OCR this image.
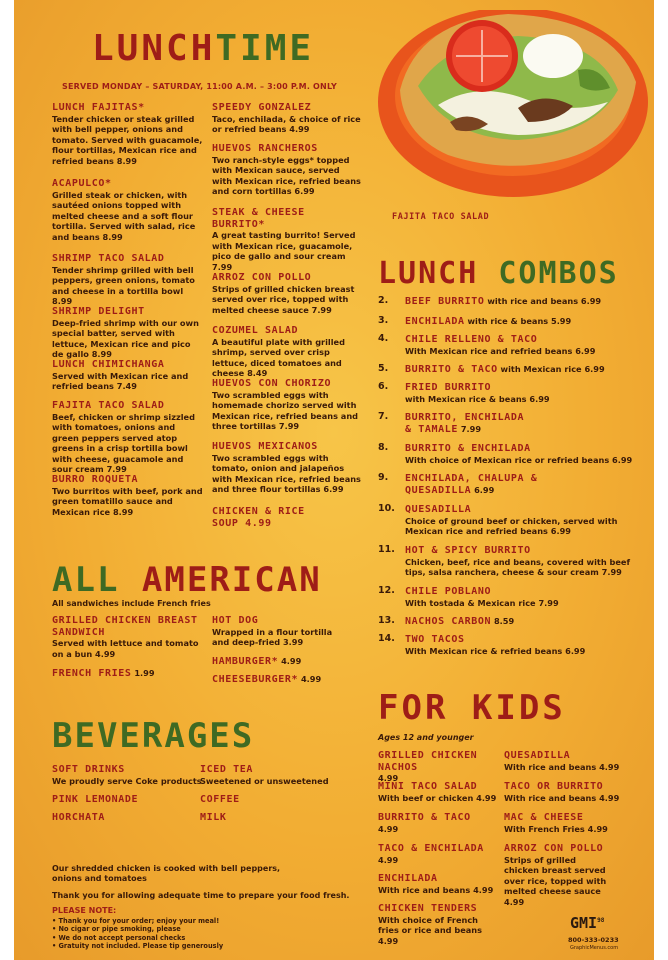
LUNCHTIME
SERVED MONDAY – SATURDAY, 11:00 A.M. – 3:00 P.M. ONLY
LUNCH FAJITAS*
Tender chicken or steak grilled with bell pepper, onions and tomato. Served with guacamole, flour tortillas, Mexican rice and refried beans 8.99
ACAPULCO*
Grilled steak or chicken, with sautéed onions topped with melted cheese and a soft flour tortilla. Served with salad, rice and beans 8.99
SHRIMP TACO SALAD
Tender shrimp grilled with bell peppers, green onions, tomato and cheese in a tortilla bowl 8.99
SHRIMP DELIGHT
Deep-fried shrimp with our own special batter, served with lettuce, Mexican rice and pico de gallo 8.99
LUNCH CHIMICHANGA
Served with Mexican rice and refried beans 7.49
FAJITA TACO SALAD
Beef, chicken or shrimp sizzled with tomatoes, onions and green peppers served atop greens in a crisp tortilla bowl with cheese, guacamole and sour cream 7.99
BURRO ROQUETA
Two burritos with beef, pork and green tomatillo sauce and Mexican rice 8.99
SPEEDY GONZALEZ
Taco, enchilada, & choice of rice or refried beans 4.99
HUEVOS RANCHEROS
Two ranch-style eggs* topped with Mexican sauce, served with Mexican rice, refried beans and corn tortillas 6.99
STEAK & CHEESE BURRITO*
A great tasting burrito! Served with Mexican rice, guacamole, pico de gallo and sour cream 7.99
ARROZ CON POLLO
Strips of grilled chicken breast served over rice, topped with melted cheese sauce 7.99
COZUMEL SALAD
A beautiful plate with grilled shrimp, served over crisp lettuce, diced tomatoes and cheese 8.49
HUEVOS CON CHORIZO
Two scrambled eggs with homemade chorizo served with Mexican rice, refried beans and three tortillas 7.99
HUEVOS MEXICANOS
Two scrambled eggs with tomato, onion and jalapeños with Mexican rice, refried beans and three flour tortillas 6.99
CHICKEN & RICE SOUP 4.99
FAJITA TACO SALAD
LUNCH COMBOS
2. BEEF BURRITO with rice and beans 6.99
3. ENCHILADA with rice & beans 5.99
4. CHILE RELLENO & TACO
With Mexican rice and refried beans 6.99
5. BURRITO & TACO with Mexican rice 6.99
6. FRIED BURRITO
with Mexican rice & beans 6.99
7. BURRITO, ENCHILADA & TAMALE 7.99
8. BURRITO & ENCHILADA
With choice of Mexican rice or refried beans 6.99
9. ENCHILADA, CHALUPA & QUESADILLA 6.99
10. QUESADILLA
Choice of ground beef or chicken, served with Mexican rice and refried beans 6.99
11. HOT & SPICY BURRITO
Chicken, beef, rice and beans, covered with beef tips, salsa ranchera, cheese & sour cream 7.99
12. CHILE POBLANO
With tostada & Mexican rice 7.99
13. NACHOS CARBON 8.59
14. TWO TACOS
With Mexican rice & refried beans 6.99
ALL AMERICAN
All sandwiches include French fries
GRILLED CHICKEN BREAST SANDWICH
Served with lettuce and tomato on a bun 4.99
FRENCH FRIES 1.99
HOT DOG
Wrapped in a flour tortilla and deep-fried 3.99
HAMBURGER* 4.99
CHEESEBURGER* 4.99
BEVERAGES
SOFT DRINKS
We proudly serve Coke products
ICED TEA
Sweetened or unsweetened
PINK LEMONADE	COFFEE
HORCHATA	MILK
Our shredded chicken is cooked with bell peppers, onions and tomatoes
Thank you for allowing adequate time to prepare your food fresh.
PLEASE NOTE:
• Thank you for your order; enjoy your meal!
• No cigar or pipe smoking, please
• We do not accept personal checks
• Gratuity not included. Please tip generously
FOR KIDS
Ages 12 and younger
GRILLED CHICKEN NACHOS
4.99
MINI TACO SALAD
With beef or chicken 4.99
BURRITO & TACO
4.99
TACO & ENCHILADA
4.99
ENCHILADA
With rice and beans 4.99
CHICKEN TENDERS
With choice of French fries or rice and beans 4.99
QUESADILLA
With rice and beans 4.99
TACO OR BURRITO
With rice and beans 4.99
MAC & CHEESE
With French Fries 4.99
ARROZ CON POLLO
Strips of grilled chicken breast served over rice, topped with melted cheese sauce 4.99
GMI$^{98}$
800-333-0233
GraphicMenus.com
